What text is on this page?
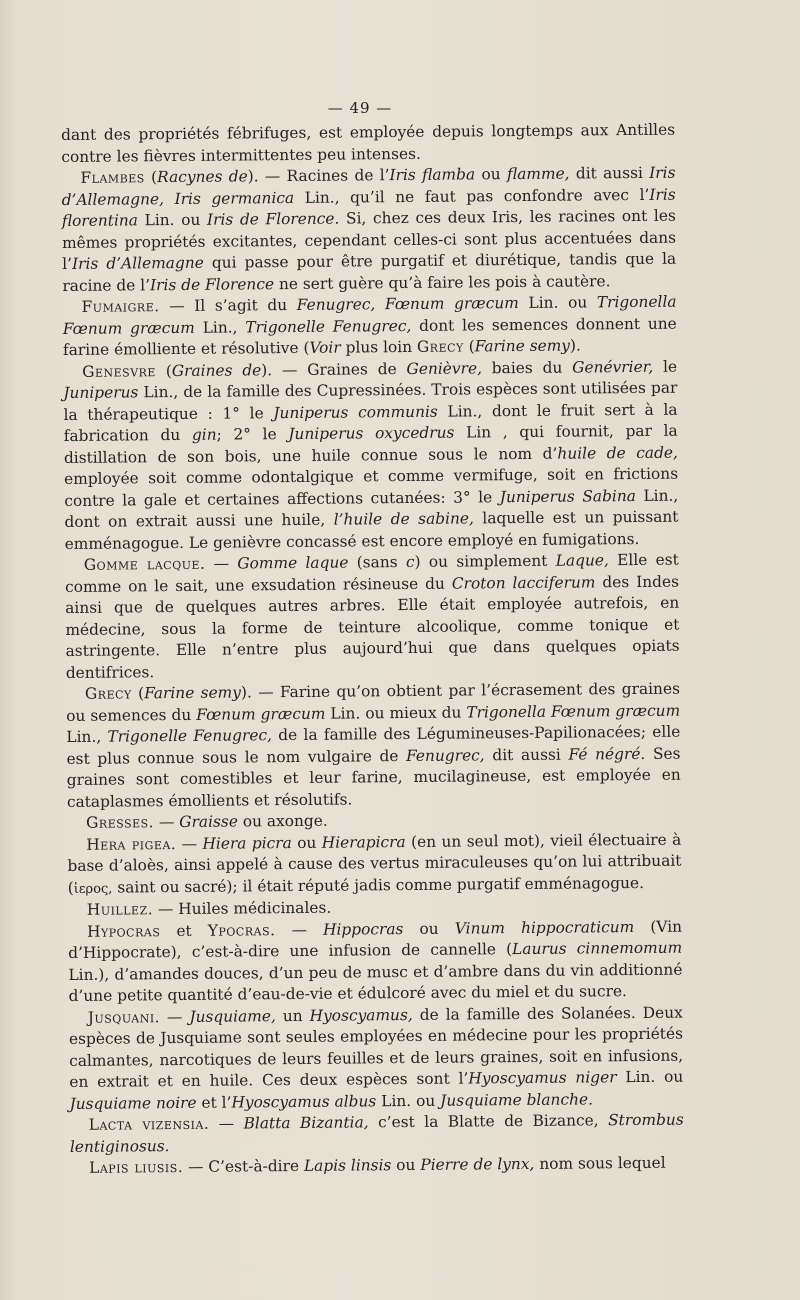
— 49 —

dant des propriétés fébrifuges, est employée depuis longtemps aux Antilles contre les fièvres intermittentes peu intenses.

Flambes (Racynes de). — Racines de l’Iris flamba ou flamme, dit aussi Iris d’Allemagne, Iris germanica Lin., qu’il ne faut pas confondre avec l’Iris florentina Lin. ou Iris de Florence. Si, chez ces deux Iris, les racines ont les mêmes propriétés excitantes, cependant celles-ci sont plus accentuées dans l’Iris d’Allemagne qui passe pour être purgatif et diurétique, tandis que la racine de l’Iris de Florence ne sert guère qu’à faire les pois à cautère.

Fumaigre. — Il s’agit du Fenugrec, Fœnum græcum Lin. ou Trigonella Fœnum græcum Lin., Trigonelle Fenugrec, dont les semences donnent une farine émolliente et résolutive (Voir plus loin Grecy (Farine semy).

Genesvre (Graines de). — Graines de Genièvre, baies du Genévrier, le Juniperus Lin., de la famille des Cupressinées. Trois espèces sont utilisées par la thérapeutique : 1° le Juniperus communis Lin., dont le fruit sert à la fabrication du gin; 2° le Juniperus oxycedrus Lin , qui fournit, par la distillation de son bois, une huile connue sous le nom d’huile de cade, employée soit comme odontalgique et comme vermifuge, soit en frictions contre la gale et certaines affections cutanées: 3° le Juniperus Sabina Lin., dont on extrait aussi une huile, l’huile de sabine, laquelle est un puissant emménagogue. Le genièvre concassé est encore employé en fumigations.

Gomme lacque. — Gomme laque (sans c) ou simplement Laque, Elle est comme on le sait, une exsudation résineuse du Croton lacciferum des Indes ainsi que de quelques autres arbres. Elle était employée autrefois, en médecine, sous la forme de teinture alcoolique, comme tonique et astringente. Elle n’entre plus aujourd’hui que dans quelques opiats dentifrices.

Grecy (Farine semy). — Farine qu’on obtient par l’écrasement des graines ou semences du Fœnum græcum Lin. ou mieux du Trigonella Fœnum græcum Lin., Trigonelle Fenugrec, de la famille des Légumineuses-Papilionacées; elle est plus connue sous le nom vulgaire de Fenugrec, dit aussi Fé négré. Ses graines sont comestibles et leur farine, mucilagineuse, est employée en cataplasmes émollients et résolutifs.

Gresses. — Graisse ou axonge.

Hera pigea. — Hiera picra ou Hierapicra (en un seul mot), vieil électuaire à base d’aloès, ainsi appelé à cause des vertus miraculeuses qu’on lui attribuait (ἱερος, saint ou sacré); il était réputé jadis comme purgatif emménagogue.

Huillez. — Huiles médicinales.

Hypocras et Ypocras. — Hippocras ou Vinum hippocraticum (Vin d’Hippocrate), c’est-à-dire une infusion de cannelle (Laurus cinnemomum Lin.), d’amandes douces, d’un peu de musc et d’ambre dans du vin additionné d’une petite quantité d’eau-de-vie et édulcoré avec du miel et du sucre.

Jusquani. — Jusquiame, un Hyoscyamus, de la famille des Solanées. Deux espèces de Jusquiame sont seules employées en médecine pour les propriétés calmantes, narcotiques de leurs feuilles et de leurs graines, soit en infusions, en extrait et en huile. Ces deux espèces sont l’Hyoscyamus niger Lin. ou Jusquiame noire et l’Hyoscyamus albus Lin. ou Jusquiame blanche.

Lacta vizensia. — Blatta Bizantia, c’est la Blatte de Bizance, Strombus lentiginosus.

Lapis liusis. — C’est-à-dire Lapis linsis ou Pierre de lynx, nom sous lequel
